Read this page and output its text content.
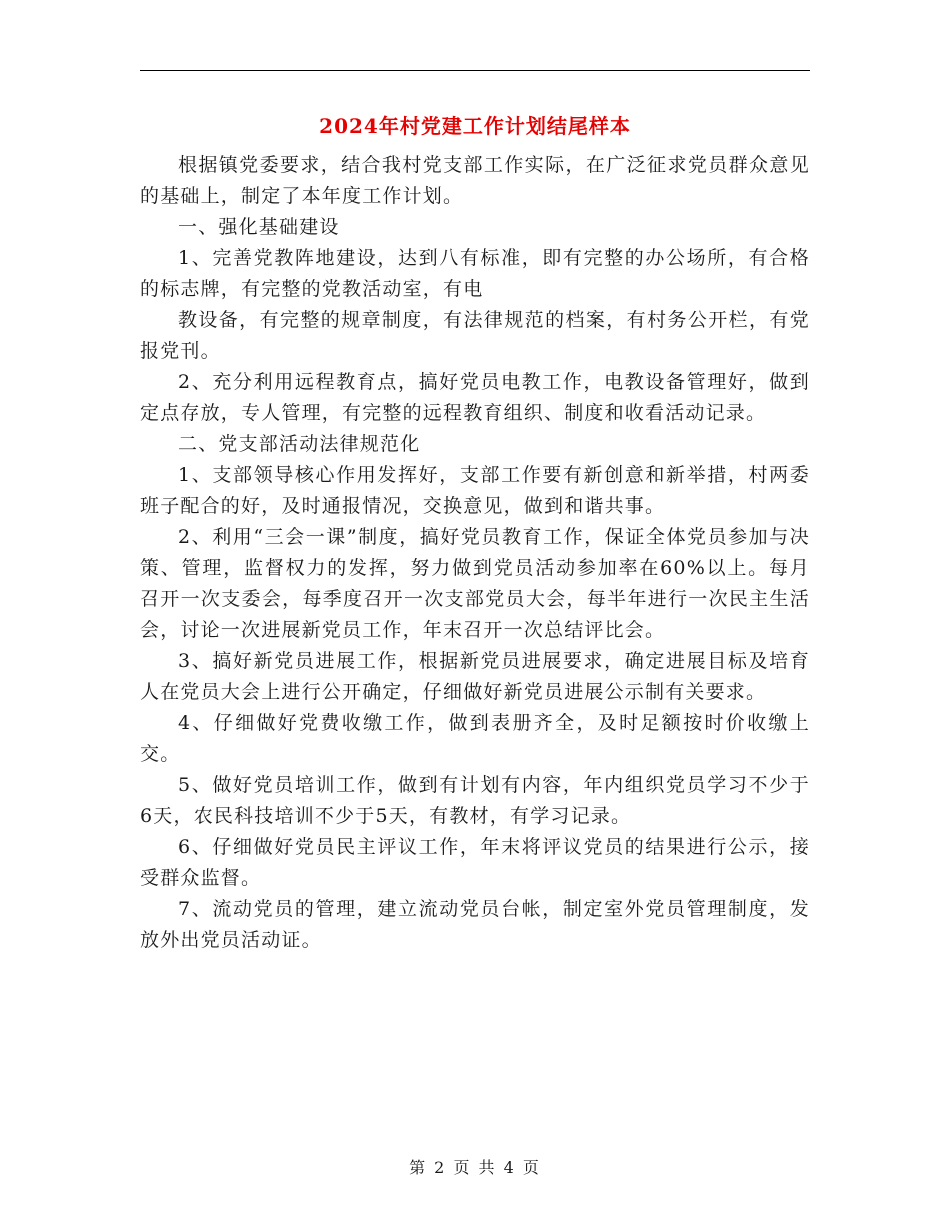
2024年村党建工作计划结尾样本

根据镇党委要求，结合我村党支部工作实际，在广泛征求党员群众意见的基础上，制定了本年度工作计划。

一、强化基础建设

1、完善党教阵地建设，达到八有标准，即有完整的办公场所，有合格的标志牌，有完整的党教活动室，有电

教设备，有完整的规章制度，有法律规范的档案，有村务公开栏，有党报党刊。

2、充分利用远程教育点，搞好党员电教工作，电教设备管理好，做到定点存放，专人管理，有完整的远程教育组织、制度和收看活动记录。

二、党支部活动法律规范化

1、支部领导核心作用发挥好，支部工作要有新创意和新举措，村两委班子配合的好，及时通报情况，交换意见，做到和谐共事。

2、利用“三会一课”制度，搞好党员教育工作，保证全体党员参加与决策、管理，监督权力的发挥，努力做到党员活动参加率在60%以上。每月召开一次支委会，每季度召开一次支部党员大会，每半年进行一次民主生活会，讨论一次进展新党员工作，年末召开一次总结评比会。

3、搞好新党员进展工作，根据新党员进展要求，确定进展目标及培育人在党员大会上进行公开确定，仔细做好新党员进展公示制有关要求。

4、仔细做好党费收缴工作，做到表册齐全，及时足额按时价收缴上交。

5、做好党员培训工作，做到有计划有内容，年内组织党员学习不少于6天，农民科技培训不少于5天，有教材，有学习记录。

6、仔细做好党员民主评议工作，年末将评议党员的结果进行公示，接受群众监督。

7、流动党员的管理，建立流动党员台帐，制定室外党员管理制度，发放外出党员活动证。

第 2 页 共 4 页
